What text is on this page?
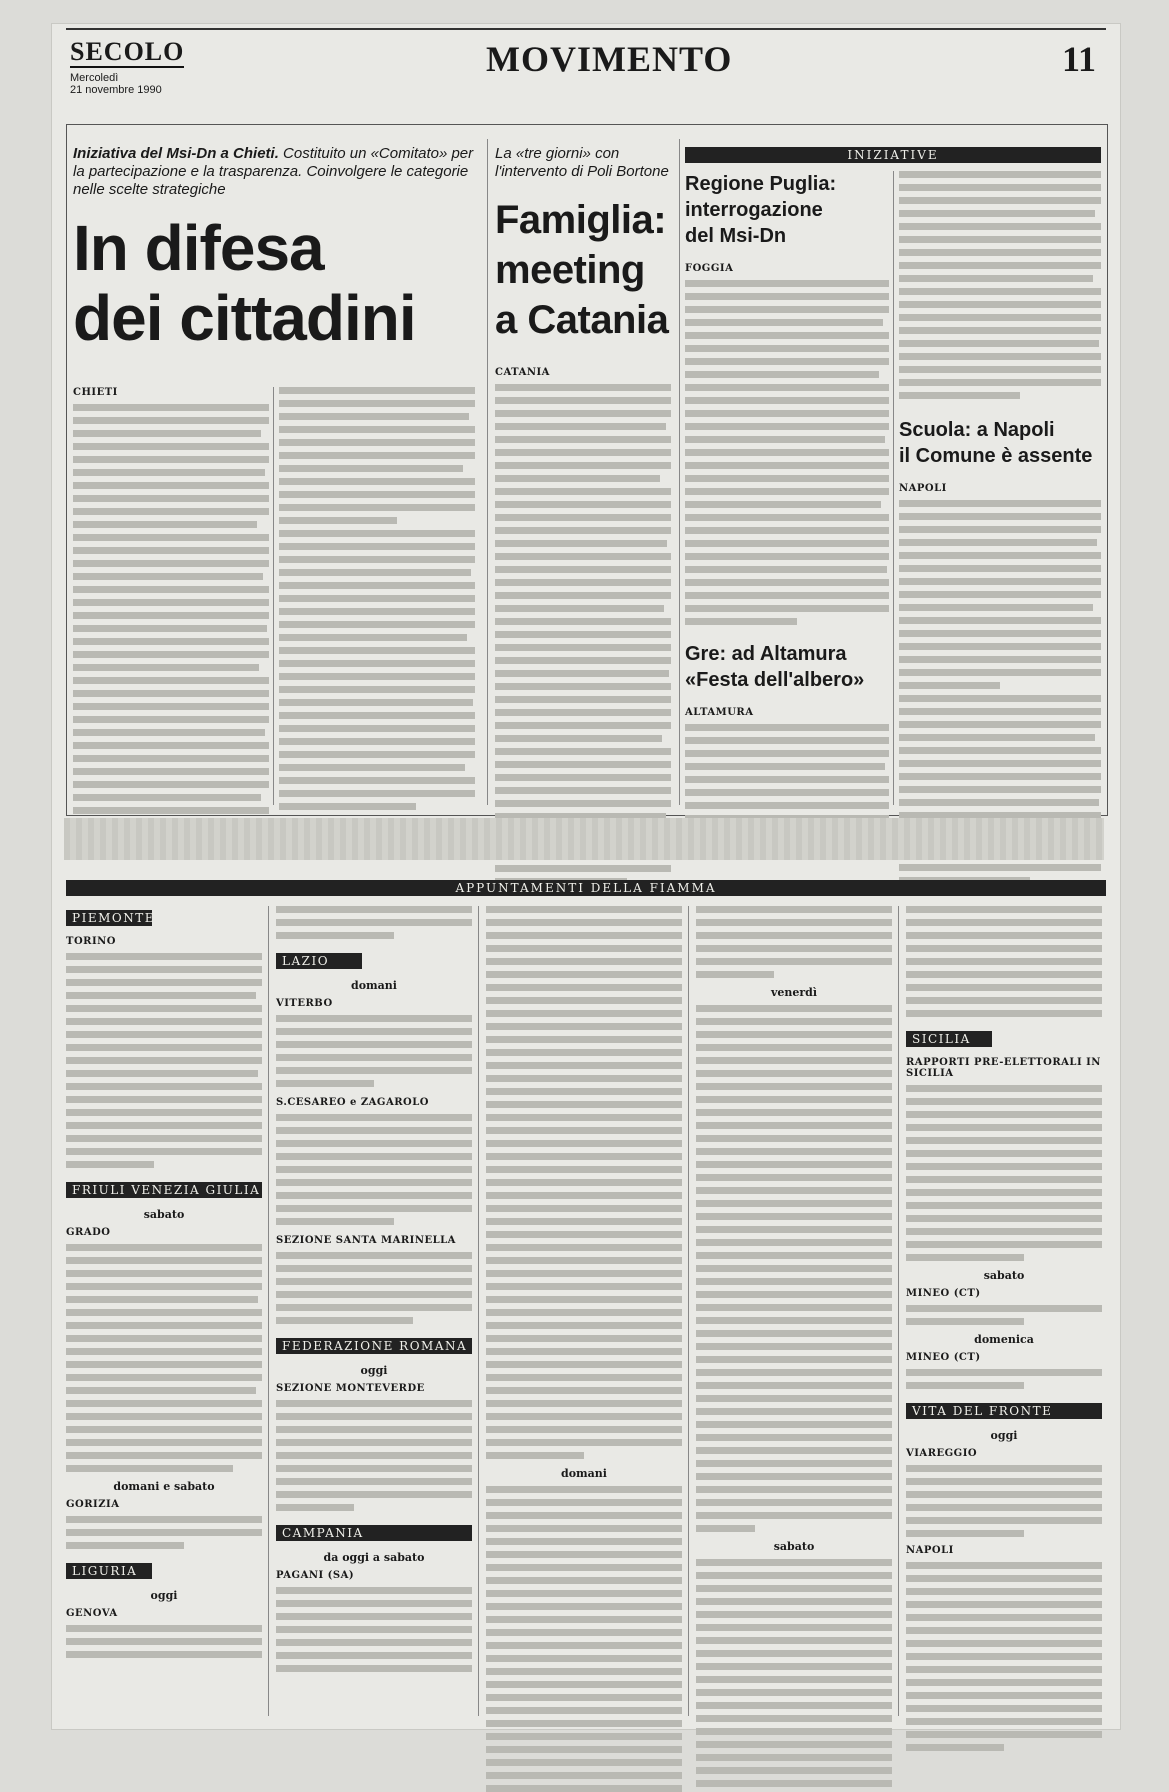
SECOLO
Mercoledì
21 novembre 1990
MOVIMENTO	11
Iniziativa del Msi-Dn a Chieti. Costituito un «Comitato» per la partecipazione e la trasparenza. Coinvolgere le categorie nelle scelte strategiche
In difesa
dei cittadini
CHIETI
La «tre giorni» con l'intervento di Poli Bortone
Famiglia:
meeting
a Catania
CATANIA
INIZIATIVE
Regione Puglia:
interrogazione
del Msi-Dn
FOGGIA
Gre: ad Altamura
«Festa dell'albero»
ALTAMURA
Scuola: a Napoli
il Comune è assente
NAPOLI
APPUNTAMENTI DELLA FIAMMA
PIEMONTE
TORINO
FRIULI VENEZIA GIULIA
sabato
GRADO
domani e sabato
GORIZIA
LIGURIA
oggi
GENOVA
LAZIO
domani
VITERBO
S.CESAREO e ZAGAROLO
SEZIONE SANTA MARINELLA
FEDERAZIONE ROMANA
oggi
SEZIONE MONTEVERDE
CAMPANIA
da oggi a sabato
PAGANI (SA)
domani
venerdì
sabato
SICILIA
RAPPORTI PRE-ELETTORALI IN SICILIA
sabato
MINEO (CT)
domenica
MINEO (CT)
VITA DEL FRONTE
oggi
VIAREGGIO
NAPOLI
